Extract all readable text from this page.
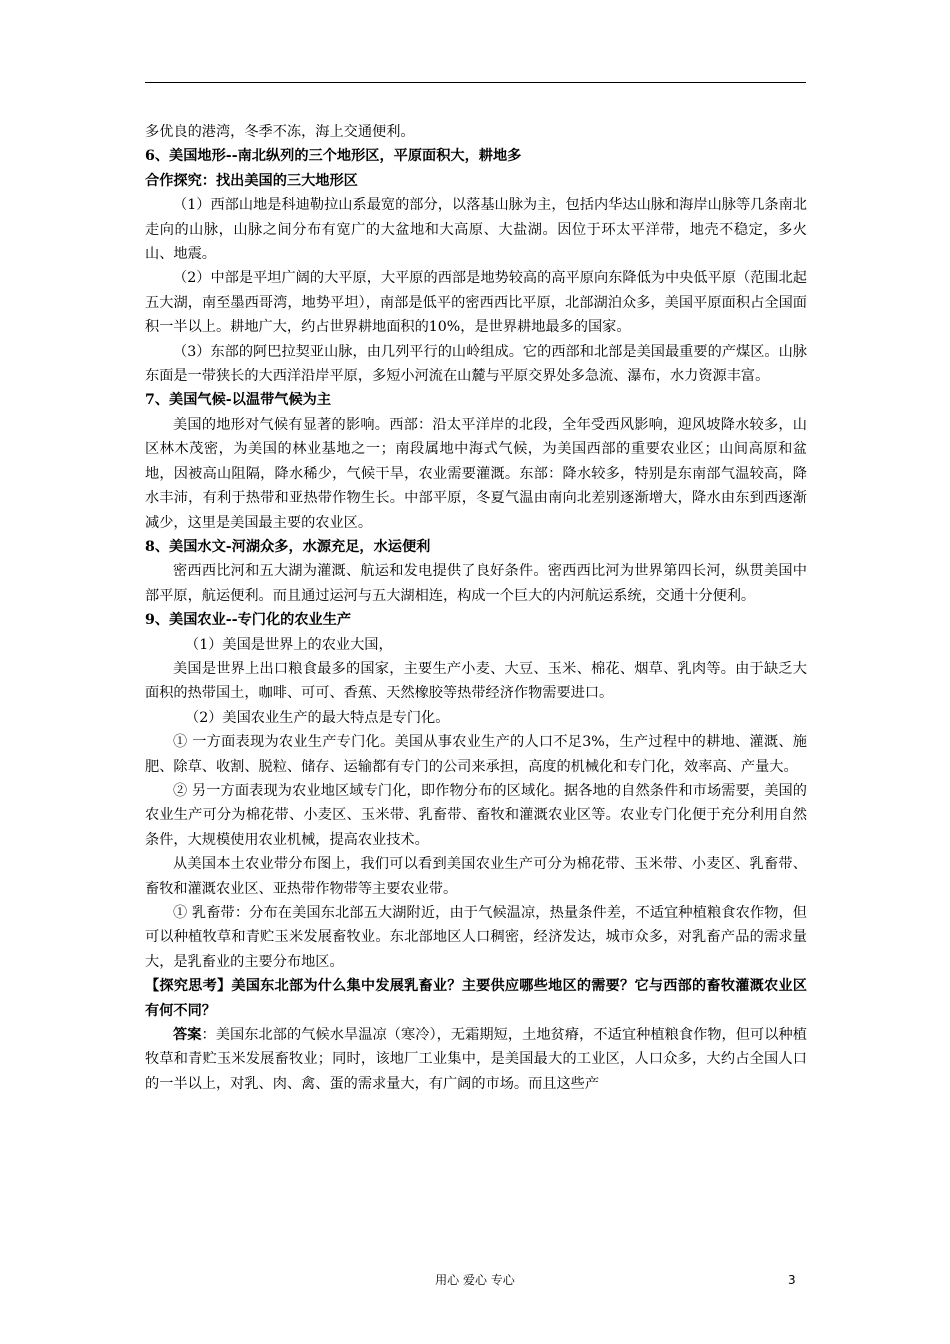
多优良的港湾，冬季不冻，海上交通便利。

6、美国地形--南北纵列的三个地形区，平原面积大，耕地多

合作探究：找出美国的三大地形区

（1）西部山地是科迪勒拉山系最宽的部分，以落基山脉为主，包括内华达山脉和海岸山脉等几条南北走向的山脉，山脉之间分布有宽广的大盆地和大高原、大盐湖。因位于环太平洋带，地壳不稳定，多火山、地震。

（2）中部是平坦广阔的大平原，大平原的西部是地势较高的高平原向东降低为中央低平原（范围北起五大湖，南至墨西哥湾，地势平坦），南部是低平的密西西比平原，北部湖泊众多，美国平原面积占全国面积一半以上。耕地广大，约占世界耕地面积的10%，是世界耕地最多的国家。

（3）东部的阿巴拉契亚山脉，由几列平行的山岭组成。它的西部和北部是美国最重要的产煤区。山脉东面是一带狭长的大西洋沿岸平原，多短小河流在山麓与平原交界处多急流、瀑布，水力资源丰富。

7、美国气候-以温带气候为主

美国的地形对气候有显著的影响。西部：沿太平洋岸的北段，全年受西风影响，迎风坡降水较多，山区林木茂密，为美国的林业基地之一；南段属地中海式气候，为美国西部的重要农业区；山间高原和盆地，因被高山阻隔，降水稀少，气候干旱，农业需要灌溉。东部：降水较多，特别是东南部气温较高，降水丰沛，有利于热带和亚热带作物生长。中部平原，冬夏气温由南向北差别逐渐增大，降水由东到西逐渐减少，这里是美国最主要的农业区。

8、美国水文-河湖众多，水源充足，水运便利

密西西比河和五大湖为灌溉、航运和发电提供了良好条件。密西西比河为世界第四长河，纵贯美国中部平原，航运便利。而且通过运河与五大湖相连，构成一个巨大的内河航运系统，交通十分便利。

9、美国农业--专门化的农业生产

（1）美国是世界上的农业大国，

美国是世界上出口粮食最多的国家，主要生产小麦、大豆、玉米、棉花、烟草、乳肉等。由于缺乏大面积的热带国土，咖啡、可可、香蕉、天然橡胶等热带经济作物需要进口。

（2）美国农业生产的最大特点是专门化。

① 一方面表现为农业生产专门化。美国从事农业生产的人口不足3%，生产过程中的耕地、灌溉、施肥、除草、收割、脱粒、储存、运输都有专门的公司来承担，高度的机械化和专门化，效率高、产量大。

② 另一方面表现为农业地区域专门化，即作物分布的区域化。据各地的自然条件和市场需要，美国的农业生产可分为棉花带、小麦区、玉米带、乳畜带、畜牧和灌溉农业区等。农业专门化便于充分利用自然条件，大规模使用农业机械，提高农业技术。

从美国本土农业带分布图上，我们可以看到美国农业生产可分为棉花带、玉米带、小麦区、乳畜带、畜牧和灌溉农业区、亚热带作物带等主要农业带。

① 乳畜带：分布在美国东北部五大湖附近，由于气候温凉，热量条件差，不适宜种植粮食农作物，但可以种植牧草和青贮玉米发展畜牧业。东北部地区人口稠密，经济发达，城市众多，对乳畜产品的需求量大，是乳畜业的主要分布地区。

【探究思考】美国东北部为什么集中发展乳畜业？主要供应哪些地区的需要？它与西部的畜牧灌溉农业区有何不同？

答案：美国东北部的气候水旱温凉（寒冷），无霜期短，土地贫瘠，不适宜种植粮食作物，但可以种植牧草和青贮玉米发展畜牧业；同时，该地厂工业集中，是美国最大的工业区，人口众多，大约占全国人口的一半以上，对乳、肉、禽、蛋的需求量大，有广阔的市场。而且这些产

用心 爱心 专心	3
